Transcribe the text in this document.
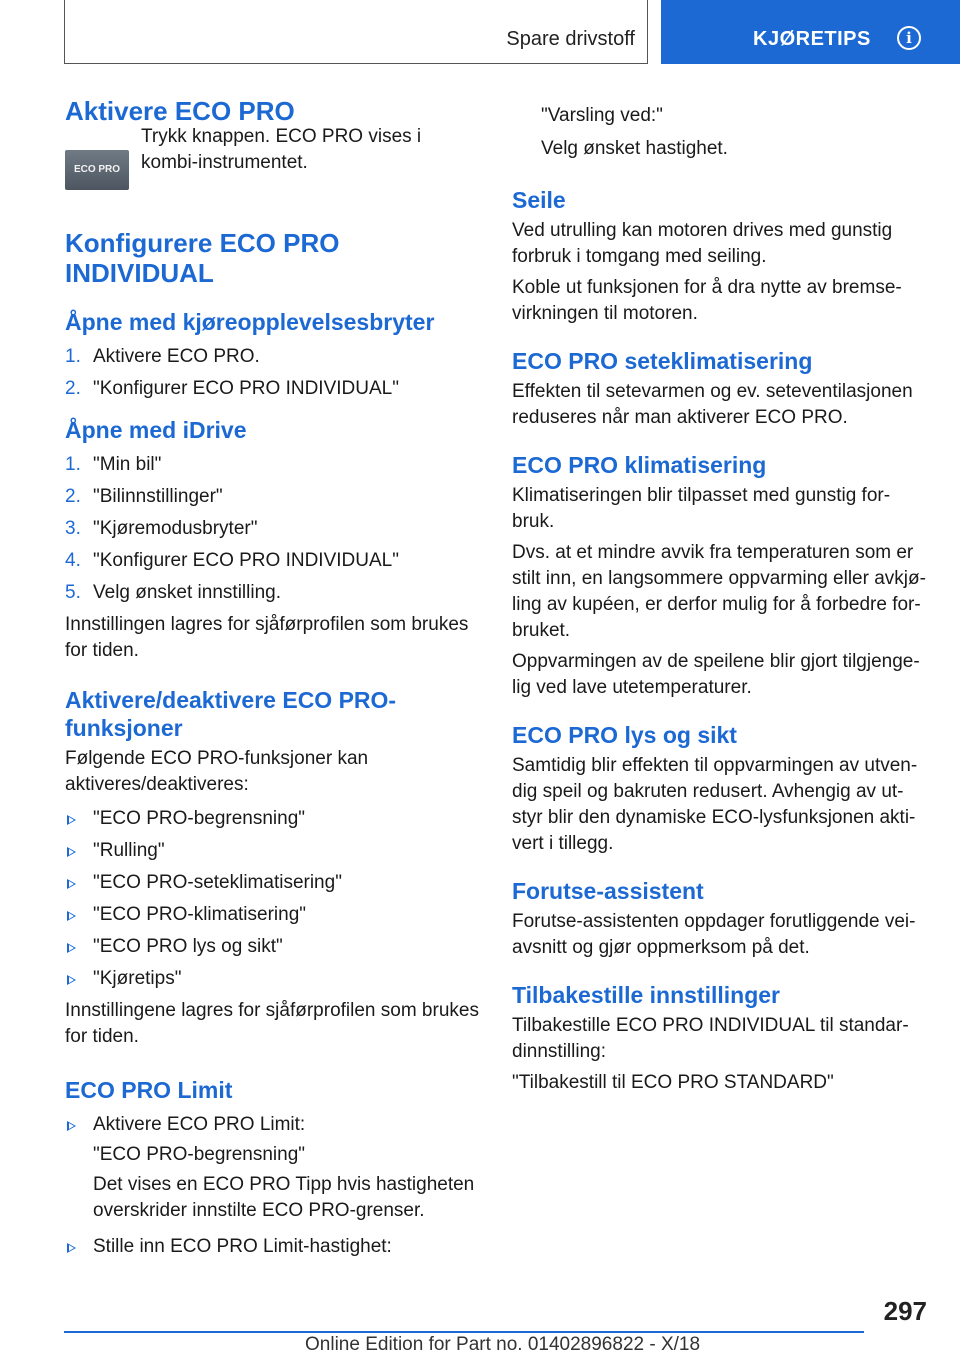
Spare drivstoff	KJØRETIPS	i
Aktivere ECO PRO
ECO PRO

Trykk knappen. ECO PRO vises i kombi-instrumentet.

Konfigurere ECO PRO INDIVIDUAL
Åpne med kjøreopplevelsesbryter
1. Aktivere ECO PRO.
2. "Konfigurer ECO PRO INDIVIDUAL"
Åpne med iDrive
1. "Min bil"
2. "Bilinnstillinger"
3. "Kjøremodusbryter"
4. "Konfigurer ECO PRO INDIVIDUAL"
5. Velg ønsket innstilling.

Innstillingen lagres for sjåførprofilen som brukes for tiden.

Aktivere/deaktivere ECO PRO-funksjoner

Følgende ECO PRO-funksjoner kan aktiveres/deaktiveres:

"ECO PRO-begrensning"
"Rulling"
"ECO PRO-seteklimatisering"
"ECO PRO-klimatisering"
"ECO PRO lys og sikt"
"Kjøretips"

Innstillingene lagres for sjåførprofilen som brukes for tiden.

ECO PRO Limit
Aktivere ECO PRO Limit:

"ECO PRO-begrensning"

Det vises en ECO PRO Tipp hvis hastigheten overskrider innstilte ECO PRO-grenser.

Stille inn ECO PRO Limit-hastighet:

"Varsling ved:"

Velg ønsket hastighet.

Seile

Ved utrulling kan motoren drives med gunstig forbruk i tomgang med seiling.

Koble ut funksjonen for å dra nytte av bremse-virkningen til motoren.

ECO PRO seteklimatisering

Effekten til setevarmen og ev. seteventilasjonen reduseres når man aktiverer ECO PRO.

ECO PRO klimatisering

Klimatiseringen blir tilpasset med gunstig for-bruk.

Dvs. at et mindre avvik fra temperaturen som er stilt inn, en langsommere oppvarming eller avkjø-ling av kupéen, er derfor mulig for å forbedre for-bruket.

Oppvarmingen av de speilene blir gjort tilgjenge-lig ved lave utetemperaturer.

ECO PRO lys og sikt

Samtidig blir effekten til oppvarmingen av utven-dig speil og bakruten redusert. Avhengig av ut-styr blir den dynamiske ECO-lysfunksjonen akti-vert i tillegg.

Forutse-assistent

Forutse-assistenten oppdager forutliggende vei-avsnitt og gjør oppmerksom på det.

Tilbakestille innstillinger

Tilbakestille ECO PRO INDIVIDUAL til standar-dinnstilling:

"Tilbakestill til ECO PRO STANDARD"

297
Online Edition for Part no. 01402896822 - X/18
